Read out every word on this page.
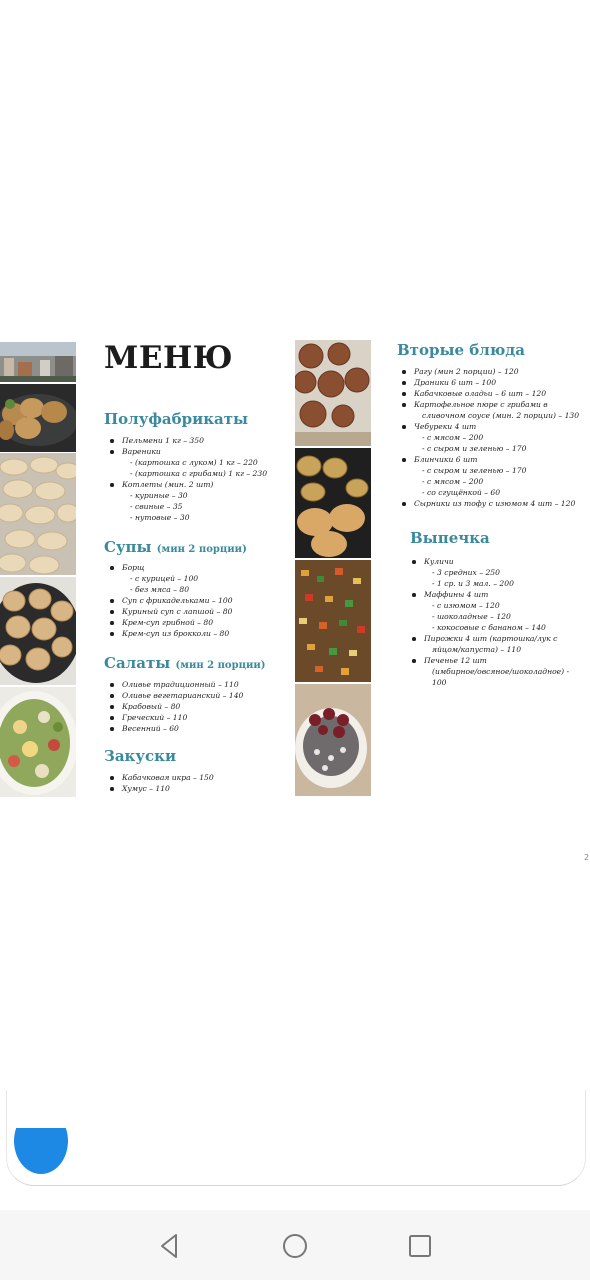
МЕНЮ
Полуфабрикаты
Пельмени 1 кг – 350
Вареники
- (картошка с луком) 1 кг – 220
- (картошка с грибами) 1 кг – 230
Котлеты (мин. 2 шт)
- куриные – 30
- свиные – 35
- нутовые – 30
Супы (мин 2 порции)
Борщ
- с курицей – 100
- без мяса – 80
Суп с фрикадельками – 100
Куриный суп с лапшой – 80
Крем-суп грибной – 80
Крем-суп из брокколи – 80
Салаты (мин 2 порции)
Оливье традиционный – 110
Оливье вегетарианский – 140
Крабовый – 80
Греческий – 110
Весенний – 60
Закуски
Кабачковая икра – 150
Хумус – 110
Вторые блюда
Рагу (мин 2 порции) – 120
Драники 6 шт – 100
Кабачковые оладьи – 6 шт – 120
Картофельное пюре с грибами в
сливочном соусе (мин. 2 порции) – 130
Чебуреки 4 шт
- с мясом – 200
- с сыром и зеленью – 170
Блинчики 6 шт
- с сыром и зеленью – 170
- с мясом – 200
- со сгущёнкой – 60
Сырники из тофу с изюмом 4 шт – 120
Выпечка
Куличи
- 3 средних – 250
- 1 ср. и 3 мал. – 200
Маффины 4 шт
- с изюмом – 120
- шоколадные – 120
- кокосовые с бананом – 140
Пирожки 4 шт (картошка/лук с
яйцом/капуста) – 110
Печенье 12 шт
(имбирное/овсяное/шоколадное) -
100
2
